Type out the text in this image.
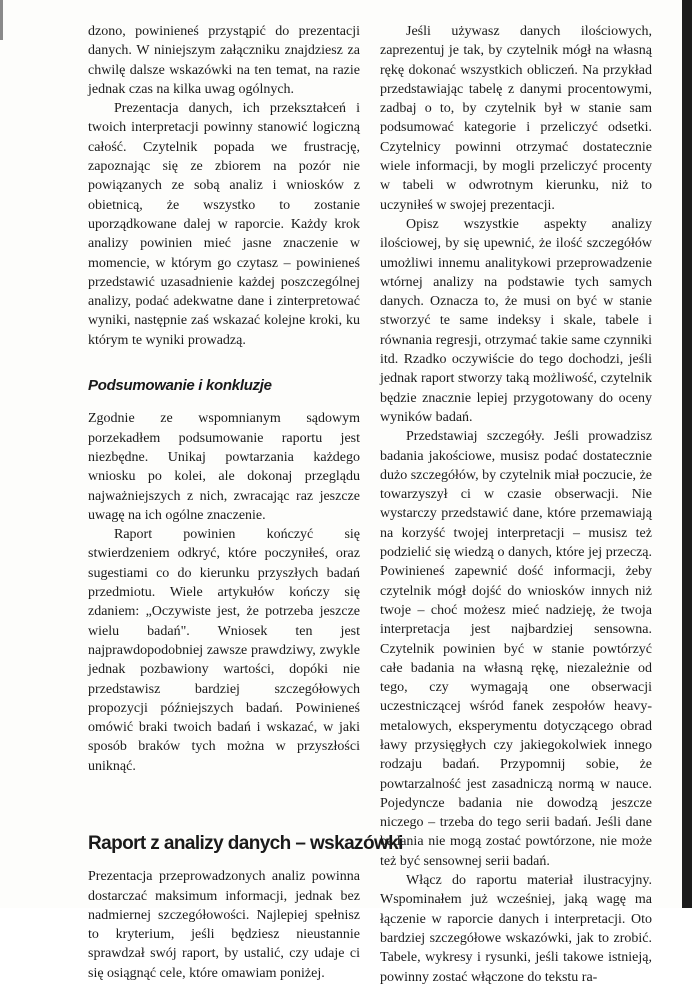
dzono, powinieneś przystąpić do prezentacji danych. W niniejszym załączniku znajdziesz za chwilę dalsze wskazówki na ten temat, na razie jednak czas na kilka uwag ogólnych.

Prezentacja danych, ich przekształceń i twoich interpretacji powinny stanowić logiczną całość. Czytelnik popada we frustrację, zapoznając się ze zbiorem na pozór nie powiązanych ze sobą analiz i wniosków z obietnicą, że wszystko to zostanie uporządkowane dalej w raporcie. Każdy krok analizy powinien mieć jasne znaczenie w momencie, w którym go czytasz – powinieneś przedstawić uzasadnienie każdej poszczególnej analizy, podać adekwatne dane i zinterpretować wyniki, następnie zaś wskazać kolejne kroki, ku którym te wyniki prowadzą.

Podsumowanie i konkluzje

Zgodnie ze wspomnianym sądowym porzekadłem podsumowanie raportu jest niezbędne. Unikaj powtarzania każdego wniosku po kolei, ale dokonaj przeglądu najważniejszych z nich, zwracając raz jeszcze uwagę na ich ogólne znaczenie.

Raport powinien kończyć się stwierdzeniem odkryć, które poczyniłeś, oraz sugestiami co do kierunku przyszłych badań przedmiotu. Wiele artykułów kończy się zdaniem: „Oczywiste jest, że potrzeba jeszcze wielu badań". Wniosek ten jest najprawdopodobniej zawsze prawdziwy, zwykle jednak pozbawiony wartości, dopóki nie przedstawisz bardziej szczegółowych propozycji późniejszych badań. Powinieneś omówić braki twoich badań i wskazać, w jaki sposób braków tych można w przyszłości uniknąć.

Raport z analizy danych – wskazówki

Prezentacja przeprowadzonych analiz powinna dostarczać maksimum informacji, jednak bez nadmiernej szczegółowości. Najlepiej spełnisz to kryterium, jeśli będziesz nieustannie sprawdzał swój raport, by ustalić, czy udaje ci się osiągnąć cele, które omawiam poniżej.

Jeśli używasz danych ilościowych, zaprezentuj je tak, by czytelnik mógł na własną rękę dokonać wszystkich obliczeń. Na przykład przedstawiając tabelę z danymi procentowymi, zadbaj o to, by czytelnik był w stanie sam podsumować kategorie i przeliczyć odsetki. Czytelnicy powinni otrzymać dostatecznie wiele informacji, by mogli przeliczyć procenty w tabeli w odwrotnym kierunku, niż to uczyniłeś w swojej prezentacji.

Opisz wszystkie aspekty analizy ilościowej, by się upewnić, że ilość szczegółów umożliwi innemu analitykowi przeprowadzenie wtórnej analizy na podstawie tych samych danych. Oznacza to, że musi on być w stanie stworzyć te same indeksy i skale, tabele i równania regresji, otrzymać takie same czynniki itd. Rzadko oczywiście do tego dochodzi, jeśli jednak raport stworzy taką możliwość, czytelnik będzie znacznie lepiej przygotowany do oceny wyników badań.

Przedstawiaj szczegóły. Jeśli prowadzisz badania jakościowe, musisz podać dostatecznie dużo szczegółów, by czytelnik miał poczucie, że towarzyszył ci w czasie obserwacji. Nie wystarczy przedstawić dane, które przemawiają na korzyść twojej interpretacji – musisz też podzielić się wiedzą o danych, które jej przeczą. Powinieneś zapewnić dość informacji, żeby czytelnik mógł dojść do wniosków innych niż twoje – choć możesz mieć nadzieję, że twoja interpretacja jest najbardziej sensowna. Czytelnik powinien być w stanie powtórzyć całe badania na własną rękę, niezależnie od tego, czy wymagają one obserwacji uczestniczącej wśród fanek zespołów heavy-metalowych, eksperymentu dotyczącego obrad ławy przysięgłych czy jakiegokolwiek innego rodzaju badań. Przypomnij sobie, że powtarzalność jest zasadniczą normą w nauce. Pojedyncze badania nie dowodzą jeszcze niczego – trzeba do tego serii badań. Jeśli dane badania nie mogą zostać powtórzone, nie może też być sensownej serii badań.

Włącz do raportu materiał ilustracyjny. Wspominałem już wcześniej, jaką wagę ma łączenie w raporcie danych i interpretacji. Oto bardziej szczegółowe wskazówki, jak to zrobić. Tabele, wykresy i rysunki, jeśli takowe istnieją, powinny zostać włączone do tekstu ra-
